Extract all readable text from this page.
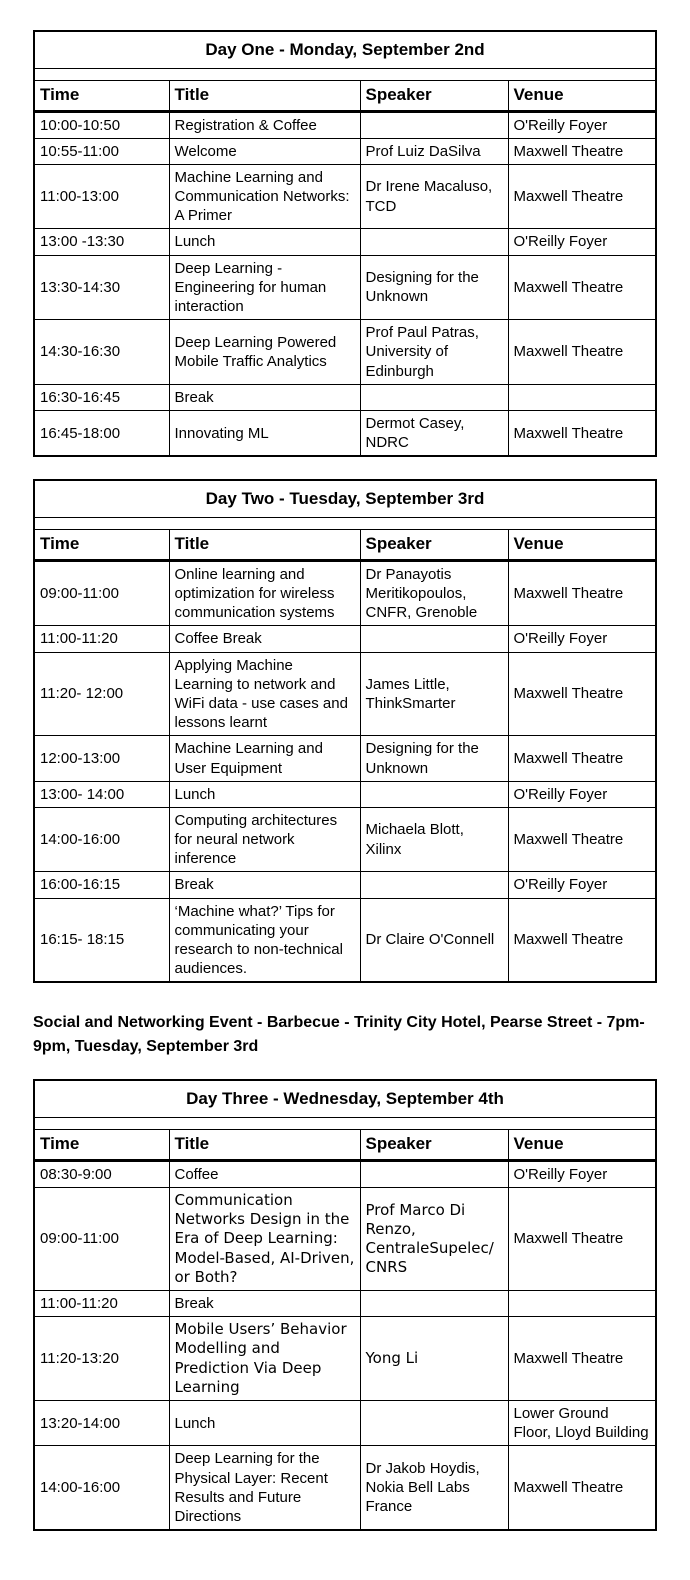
Day One - Monday, September 2nd			

Time	Title	Speaker	Venue
10:00-10:50	Registration & Coffee		O'Reilly Foyer
10:55-11:00	Welcome	Prof Luiz DaSilva	Maxwell Theatre
11:00-13:00	Machine Learning and Communication Networks: A Primer	Dr Irene Macaluso, TCD	Maxwell Theatre
13:00 -13:30	Lunch		O'Reilly Foyer
13:30-14:30	Deep Learning - Engineering for human interaction	Designing for the Unknown	Maxwell Theatre
14:30-16:30	Deep Learning Powered Mobile Traffic Analytics	Prof Paul Patras, University of Edinburgh	Maxwell Theatre
16:30-16:45	Break		
16:45-18:00	Innovating ML	Dermot Casey, NDRC	Maxwell Theatre
Day Two - Tuesday, September 3rd			

Time	Title	Speaker	Venue
09:00-11:00	Online learning and optimization for wireless communication systems	Dr Panayotis Meritikopoulos, CNFR, Grenoble	Maxwell Theatre
11:00-11:20	Coffee Break		O'Reilly Foyer
11:20- 12:00	Applying Machine Learning to network and WiFi data - use cases and lessons learnt	James Little, ThinkSmarter	Maxwell Theatre
12:00-13:00	Machine Learning and User Equipment	Designing for the Unknown	Maxwell Theatre
13:00- 14:00	Lunch		O'Reilly Foyer
14:00-16:00	Computing architectures for neural network inference	Michaela Blott, Xilinx	Maxwell Theatre
16:00-16:15	Break		O'Reilly Foyer
16:15- 18:15	‘Machine what?’ Tips for communicating your research to non-technical audiences.	Dr Claire O'Connell	Maxwell Theatre
Social and Networking Event - Barbecue - Trinity City Hotel, Pearse Street - 7pm-9pm, Tuesday, September 3rd
Day Three - Wednesday, September 4th			

Time	Title	Speaker	Venue
08:30-9:00	Coffee		O'Reilly Foyer
09:00-11:00	Communication Networks Design in the Era of Deep Learning: Model-Based, AI-Driven, or Both?	Prof Marco Di Renzo, CentraleSupelec/ CNRS	Maxwell Theatre
11:00-11:20	Break		
11:20-13:20	Mobile Users’ Behavior Modelling and Prediction Via Deep Learning	Yong Li	Maxwell Theatre
13:20-14:00	Lunch		Lower Ground Floor, Lloyd Building
14:00-16:00	Deep Learning for the Physical Layer: Recent Results and Future Directions	Dr Jakob Hoydis, Nokia Bell Labs France	Maxwell Theatre
